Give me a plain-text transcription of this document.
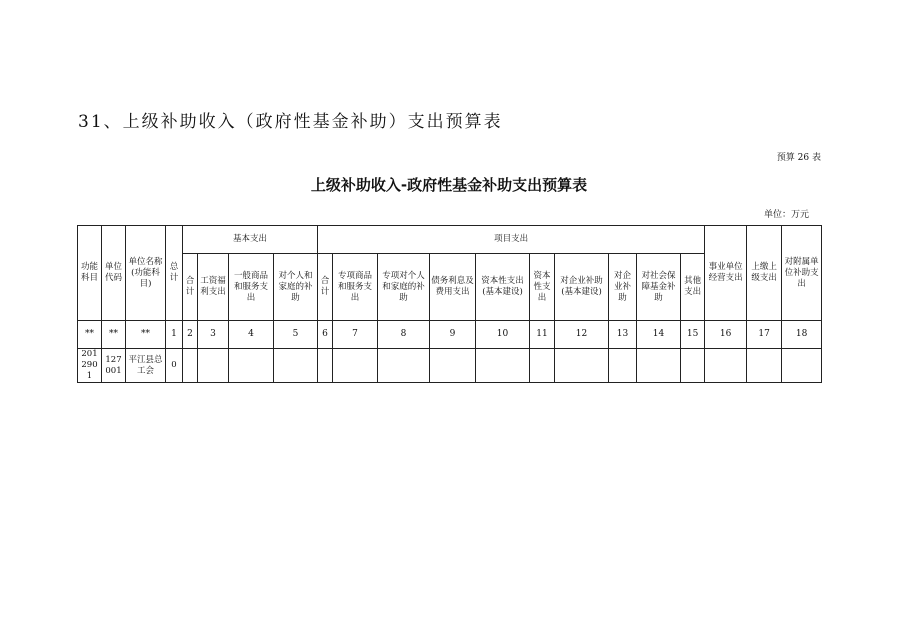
31、上级补助收入（政府性基金补助）支出预算表
预算 26 表
上级补助收入-政府性基金补助支出预算表
单位：万元
功能科目	单位代码	单位名称(功能科目)	总计	基本支出				项目支出										事业单位经营支出	上缴上级支出	对附属单位补助支出
				合计	工资福利支出	一般商品和服务支出	对个人和家庭的补助	合计	专项商品和服务支出	专项对个人和家庭的补助	债务利息及费用支出	资本性支出(基本建设)	资本性支出	对企业补助(基本建设)	对企业补助	对社会保障基金补助	其他支出			
**	**	**	1	2	3	4	5	6	7	8	9	10	11	12	13	14	15	16	17	18
2012901	127001	平江县总工会	0																	
